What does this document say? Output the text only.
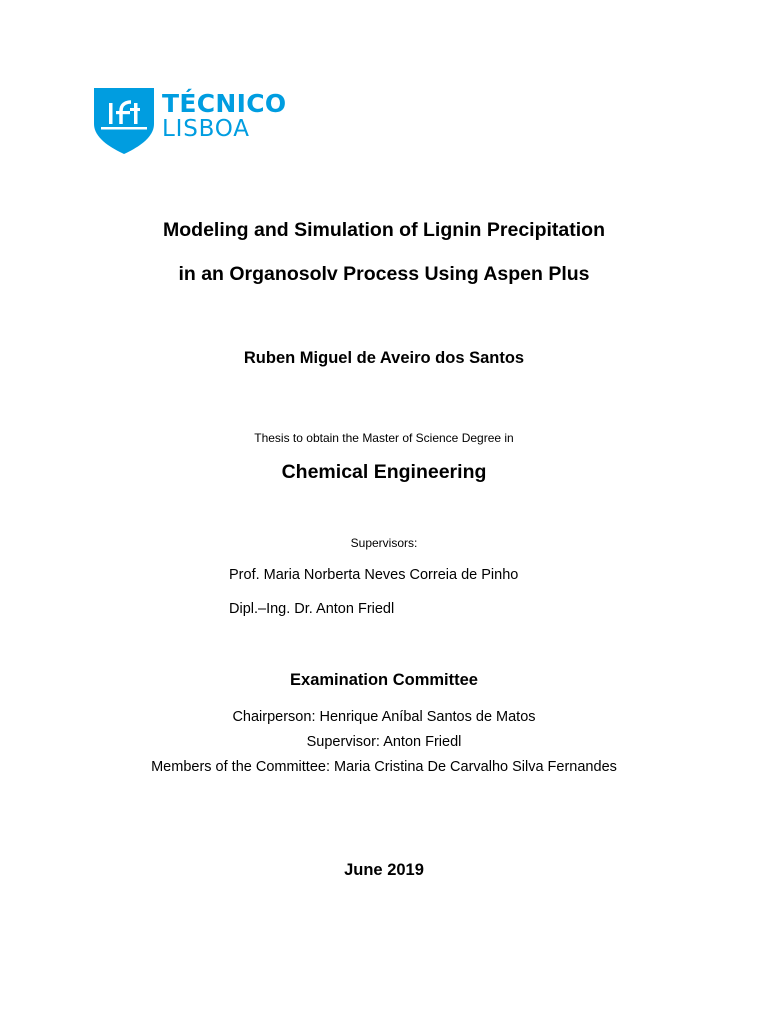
TÉCNICO
LISBOA
Modeling and Simulation of Lignin Precipitation
in an Organosolv Process Using Aspen Plus
Ruben Miguel de Aveiro dos Santos
Thesis to obtain the Master of Science Degree in
Chemical Engineering
Supervisors:
Prof. Maria Norberta Neves Correia de Pinho
Dipl.–Ing. Dr. Anton Friedl
Examination Committee
Chairperson: Henrique Aníbal Santos de Matos
Supervisor: Anton Friedl
Members of the Committee: Maria Cristina De Carvalho Silva Fernandes
June 2019
